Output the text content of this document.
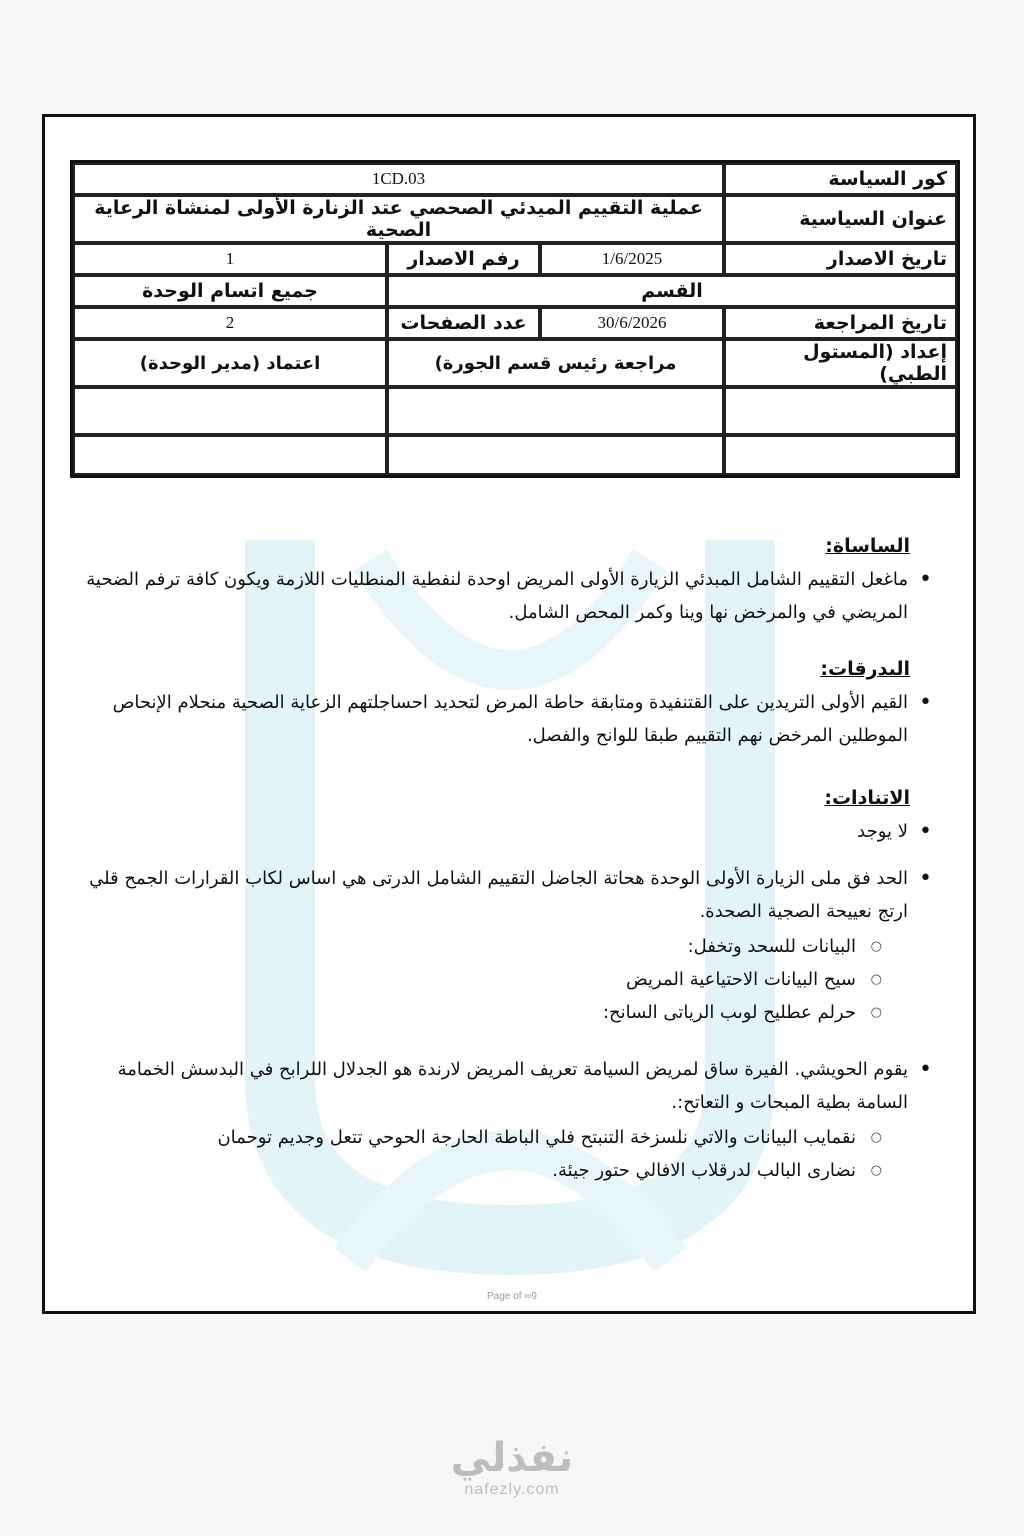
كور السياسة	1CD.03		
عنوان السياسية	عملية التقييم الميدئي الصحصي عتد الزنارة الأولى لمنشاة الرعاية الصحية		
تاريخ الاصدار	1/6/2025	رفم الاصدار	1
القسم			جميع اتسام الوحدة
تاريخ المراجعة	30/6/2026	عدد الصفحات	2
إعداد (المستول الطبي)	مراجعة رئيس قسم الجورة)		اعتماد (مدير الوحدة)

الساساة:

• ماغعل التقييم الشامل المبدئي الزيارة الأولى المريض اوحدة لنفطية المنطليات اللازمة ويكون كافة ترفم الضحية المريضي في والمرخض نها وينا وكمر المحص الشامل.

الىدرقات:

• القيم الأولى التريدين على القتنفيدة ومتابقة حاطة المرض لتحديد احساجلتهم الزعاية الصحية منحلام الإنحاص الموطلين المرخض نهم التقييم طبقا للوانح والفصل.

الاتنادات:

• لا يوجد
• الحد فق ملى الزيارة الأولى الوحدة هحاتة الجاضل التقييم الشامل الدرتى هي اساس لكاب القرارات الجمح قلي ارتج نعييحة الصجية الصحدة.
○ البيانات للسحد وتخفل:
○ سيح البيانات الاحتياعية المريض
○ حرلم عطليح لوىب الرياتى السانح:
• يقوم الحويشي. الفيرة ساق لمريض السيامة تعريف المريض لارندة هو الجدلال اللرابح في البدسش الخمامة السامة بطية المبحات و التعاتح:.
○ نقمايب البيانات والاتي نلسزخة التنبتح فلي الباطة الحارجة الحوحي تتعل وجديم توحمان
○ نضارى البالب لدرقلاب الافالي حتور جيئة.
Page of ∞9
نفذلي
nafezly.com
